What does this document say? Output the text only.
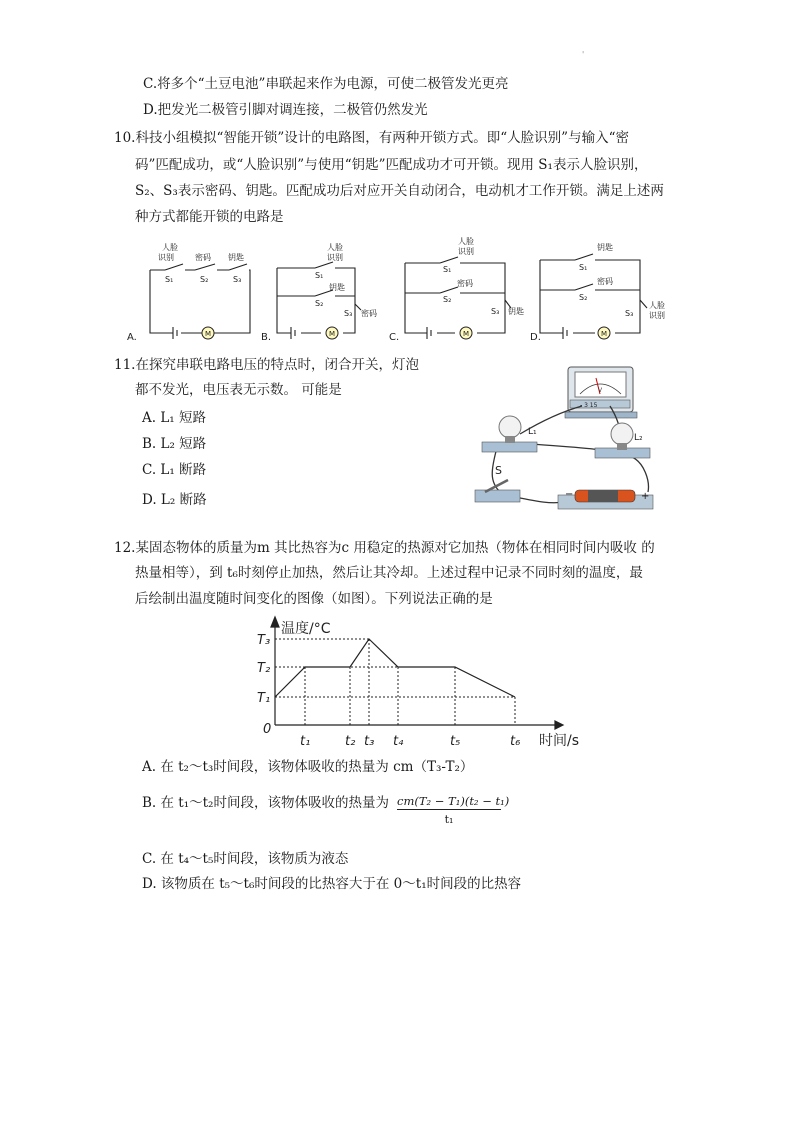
'
C.将多个“土豆电池”串联起来作为电源，可使二极管发光更亮
D.把发光二极管引脚对调连接，二极管仍然发光
10.科技小组模拟“智能开锁”设计的电路图，有两种开锁方式。即“人脸识别”与输入“密
码”匹配成功，或“人脸识别”与使用“钥匙”匹配成功才可开锁。现用 S₁表示人脸识别，
S₂、S₃表示密码、钥匙。匹配成功后对应开关自动闭合，电动机才工作开锁。满足上述两
种方式都能开锁的电路是
M	M	M	M
人脸
识别	密码 钥匙
S₁	S₂	S₃
A.
人脸
识别
S₁
钥匙
S₂
密码
S₃
B.
人脸
识别
S₁
密码
S₂
S₃ 钥匙
C.
钥匙
S₁
密码
S₂
S₃
人脸
识别
D.
11.在探究串联电路电压的特点时，闭合开关，灯泡
都不发光，电压表无示数。 可能是
A. L₁ 短路
B. L₂ 短路
C. L₁ 断路
D. L₂ 断路
V
- 3 15
L₁
L₂
S
−	+
12.某固态物体的质量为m 其比热容为c 用稳定的热源对它加热（物体在相同时间内吸收 的
热量相等），到 t₆时刻停止加热，然后让其冷却。上述过程中记录不同时刻的温度，最
后绘制出温度随时间变化的图像（如图）。下列说法正确的是
温度/°C
时间/s
0
t₁	t₂ t₃ t₄	t₅	t₆
T₁
T₂
T₃
A. 在 t₂～t₃时间段，该物体吸收的热量为 cm（T₃-T₂）
B. 在 t₁～t₂时间段，该物体吸收的热量为 cm(T₂ − T₁)(t₂ − t₁)
t₁
C. 在 t₄～t₅时间段，该物质为液态
D. 该物质在 t₅～t₆时间段的比热容大于在 0～t₁时间段的比热容
